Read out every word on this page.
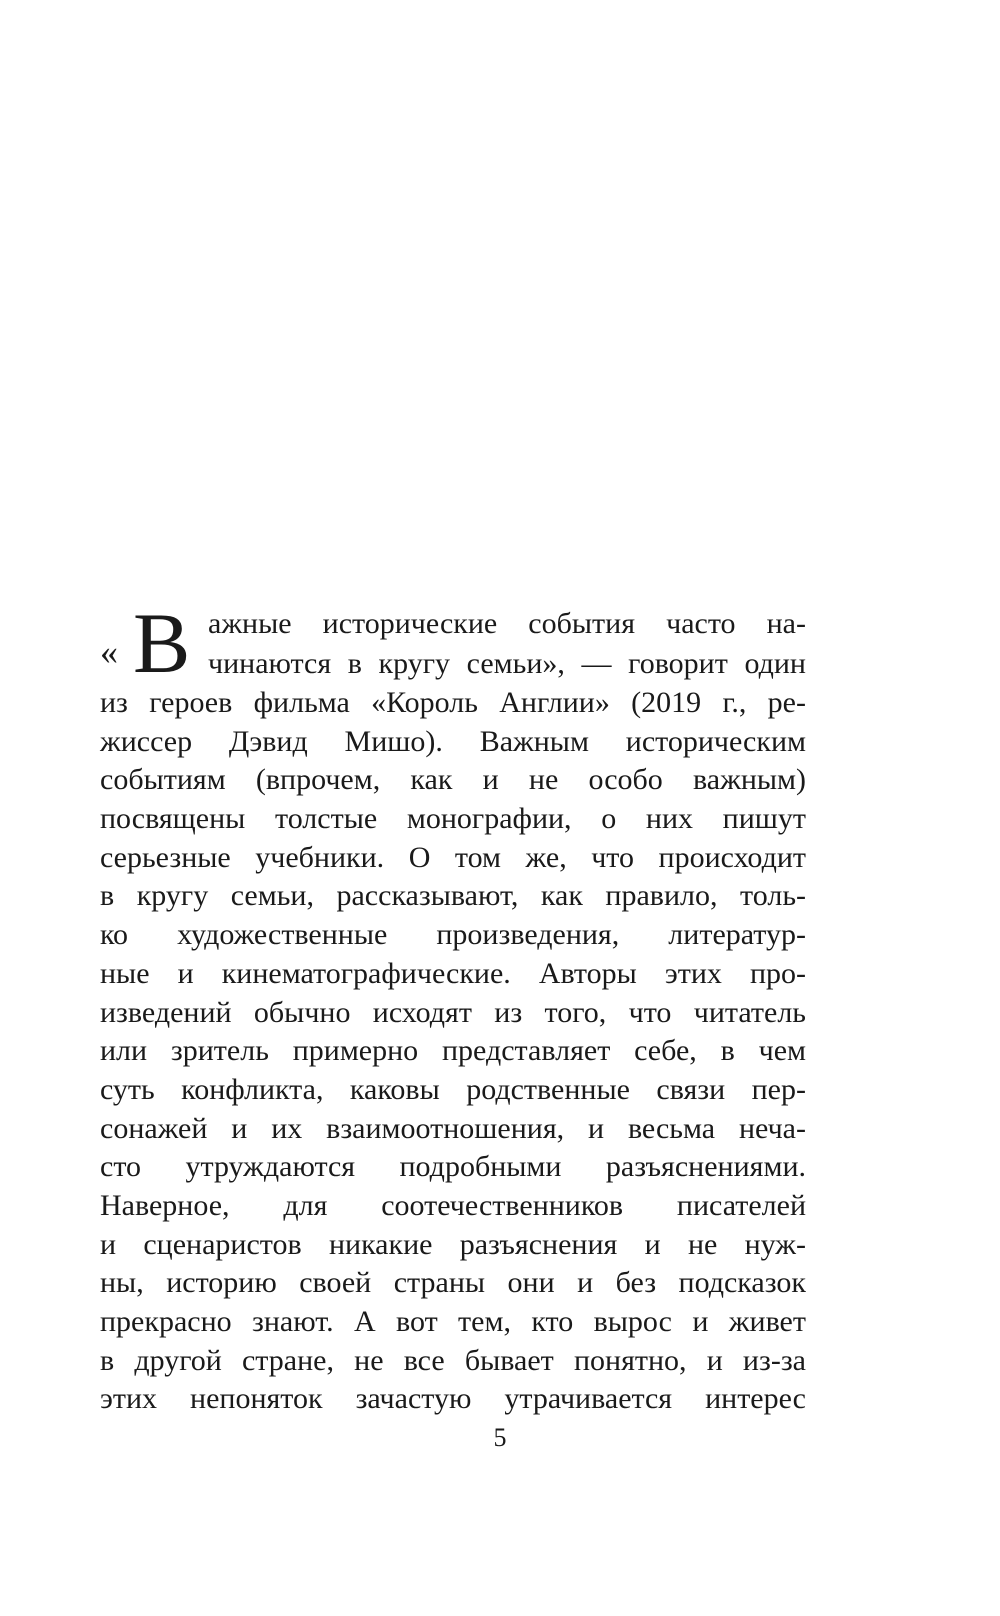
« В ажные исторические события часто на-
чинаются в кругу семьи», — говорит один
из героев фильма «Король Англии» (2019 г., ре-
жиссер Дэвид Мишо). Важным историческим
событиям (впрочем, как и не особо важным)
посвящены толстые монографии, о них пишут
серьезные учебники. О том же, что происходит
в кругу семьи, рассказывают, как правило, толь-
ко художественные произведения, литератур-
ные и кинематографические. Авторы этих про-
изведений обычно исходят из того, что читатель
или зритель примерно представляет себе, в чем
суть конфликта, каковы родственные связи пер-
сонажей и их взаимоотношения, и весьма неча-
сто утруждаются подробными разъяснениями.
Наверное, для соотечественников писателей
и сценаристов никакие разъяснения и не нуж-
ны, историю своей страны они и без подсказок
прекрасно знают. А вот тем, кто вырос и живет
в другой стране, не все бывает понятно, и из-за
этих непоняток зачастую утрачивается интерес
5
